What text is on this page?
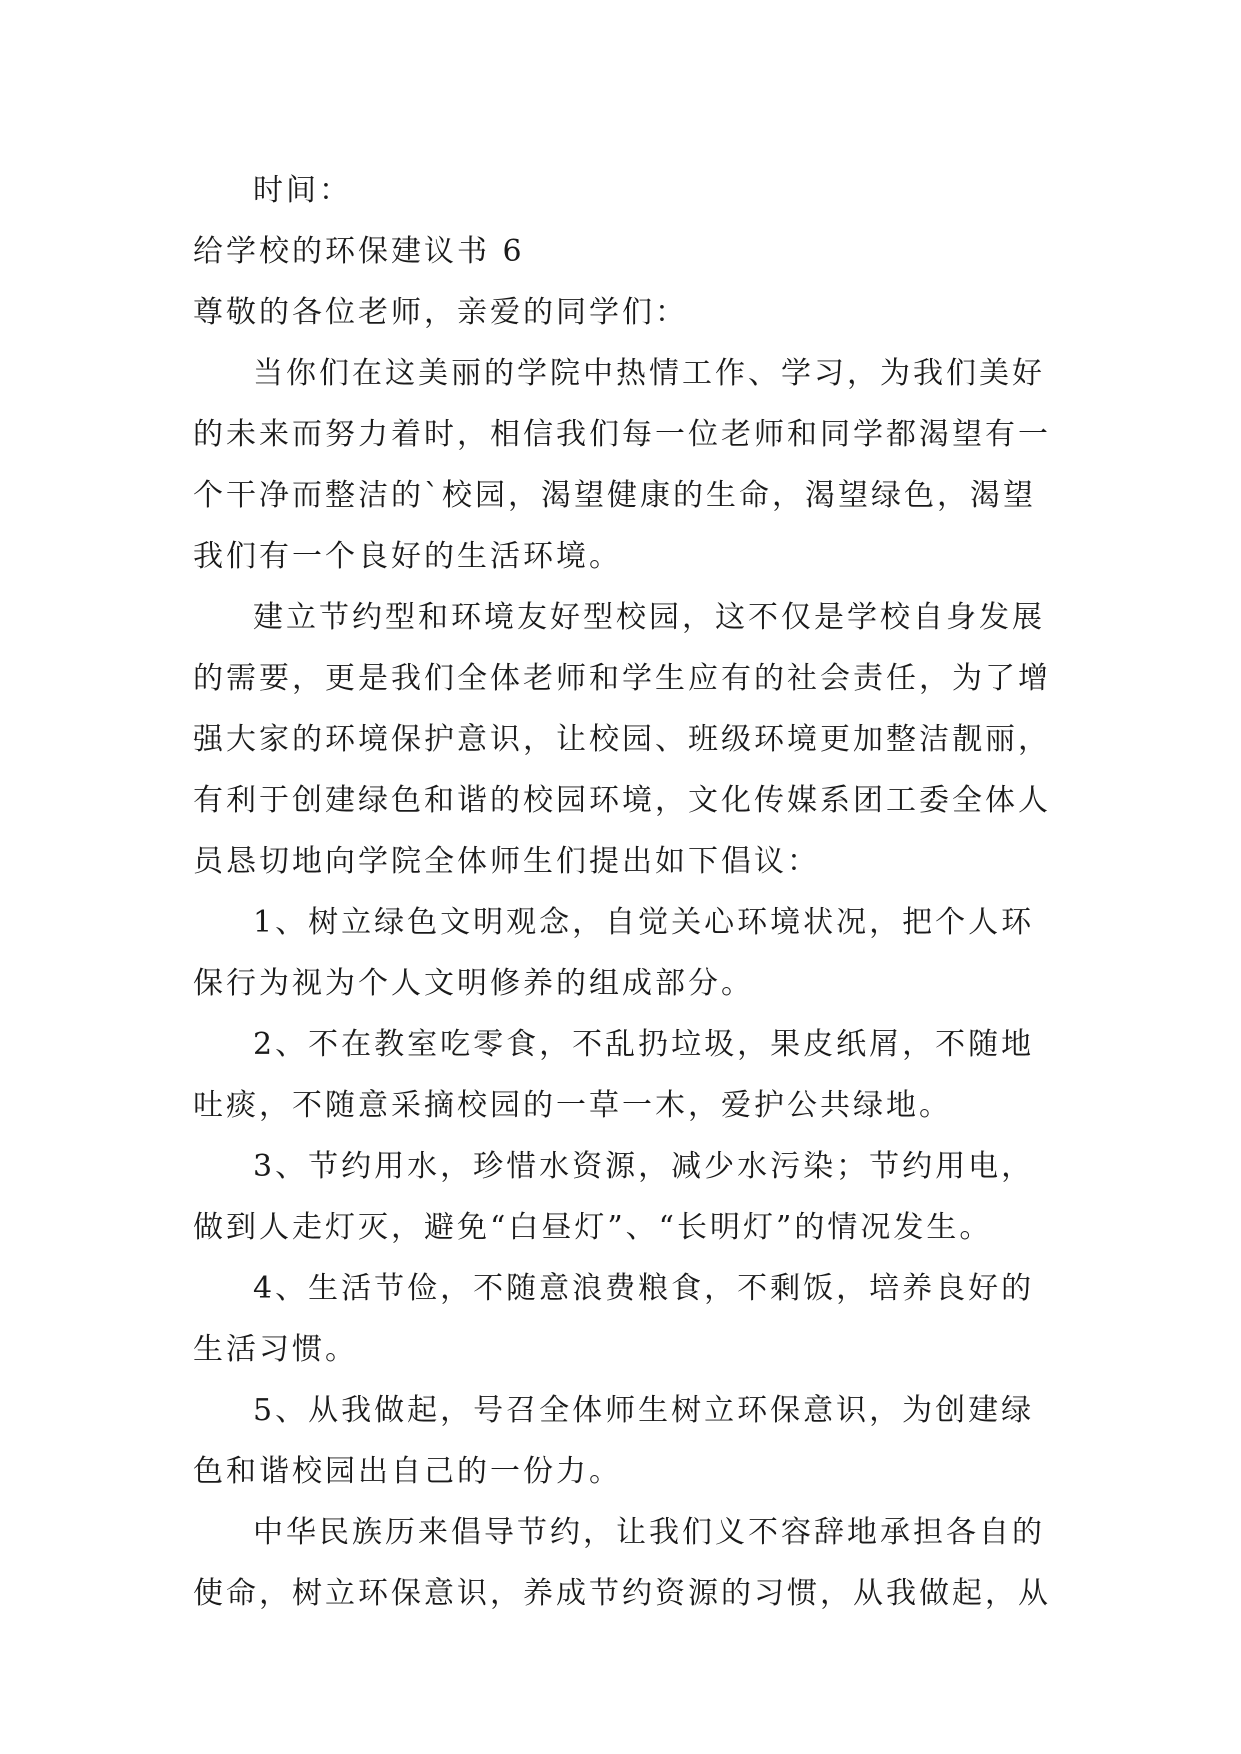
时间：
给学校的环保建议书 6
尊敬的各位老师，亲爱的同学们：
当你们在这美丽的学院中热情工作、学习，为我们美好
的未来而努力着时，相信我们每一位老师和同学都渴望有一
个干净而整洁的`校园，渴望健康的生命，渴望绿色，渴望
我们有一个良好的生活环境。
建立节约型和环境友好型校园，这不仅是学校自身发展
的需要，更是我们全体老师和学生应有的社会责任，为了增
强大家的环境保护意识，让校园、班级环境更加整洁靓丽，
有利于创建绿色和谐的校园环境，文化传媒系团工委全体人
员恳切地向学院全体师生们提出如下倡议：
1、树立绿色文明观念，自觉关心环境状况，把个人环
保行为视为个人文明修养的组成部分。
2、不在教室吃零食，不乱扔垃圾，果皮纸屑，不随地
吐痰，不随意采摘校园的一草一木，爱护公共绿地。
3、节约用水，珍惜水资源，减少水污染；节约用电，
做到人走灯灭，避免“白昼灯”、“长明灯”的情况发生。
4、生活节俭，不随意浪费粮食，不剩饭，培养良好的
生活习惯。
5、从我做起，号召全体师生树立环保意识，为创建绿
色和谐校园出自己的一份力。
中华民族历来倡导节约，让我们义不容辞地承担各自的
使命，树立环保意识，养成节约资源的习惯，从我做起，从
